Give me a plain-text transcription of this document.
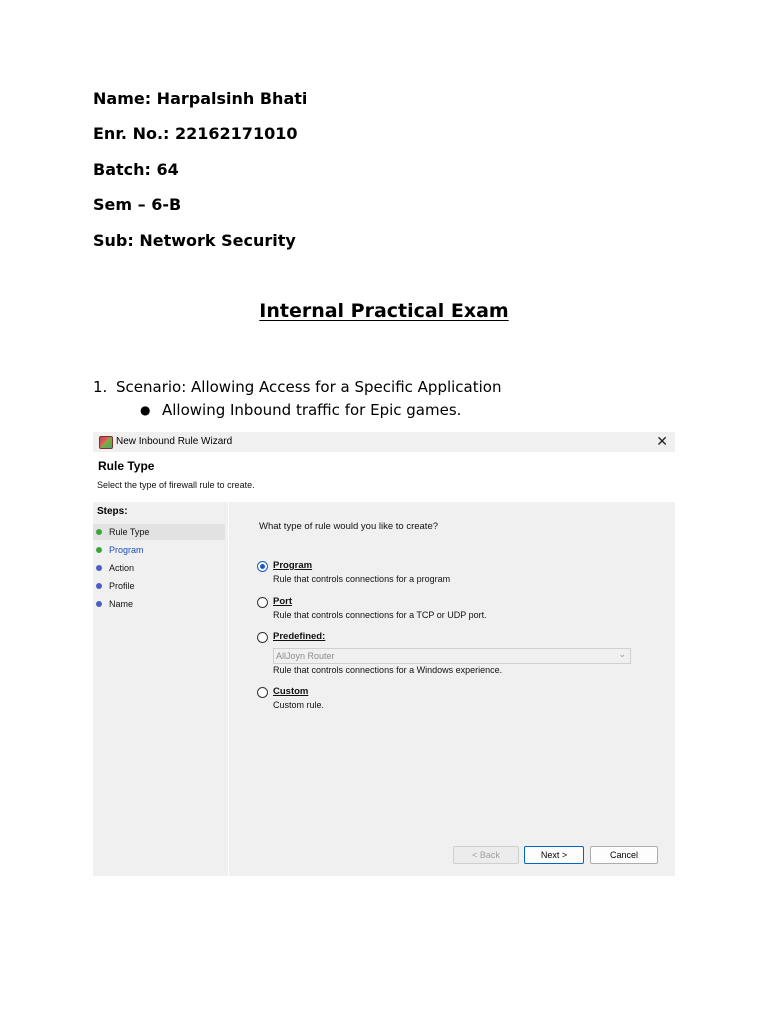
Name: Harpalsinh Bhati
Enr. No.: 22162171010
Batch: 64
Sem – 6-B
Sub: Network Security
Internal Practical Exam
1. Scenario: Allowing Access for a Specific Application
● Allowing Inbound traffic for Epic games.
New Inbound Rule Wizard	✕
Rule Type
Select the type of firewall rule to create.
Steps:
Rule Type
Program
Action
Profile
Name
What type of rule would you like to create?
Program
Rule that controls connections for a program
Port
Rule that controls connections for a TCP or UDP port.
Predefined:
AllJoyn Router	⌄
Rule that controls connections for a Windows experience.
Custom
Custom rule.
< Back	Next >	Cancel
